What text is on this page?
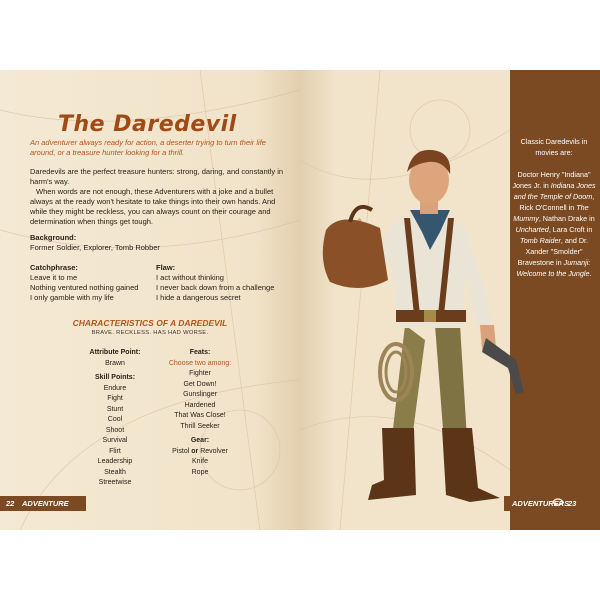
The Daredevil
An adventurer always ready for action, a deserter trying to turn their life around, or a treasure hunter looking for a thrill.

Daredevils are the perfect treasure hunters: strong, daring, and constantly in harm's way.

When words are not enough, these Adventurers with a joke and a bullet always at the ready won't hesitate to take things into their own hands. And while they might be reckless, you can always count on their courage and determination when things get tough.

Background:
Former Soldier, Explorer, Tomb Robber
Catchphrase:
Leave it to me
Nothing ventured nothing gained
I only gamble with my life
Flaw:
I act without thinking
I never back down from a challenge
I hide a dangerous secret
CHARACTERISTICS OF A DAREDEVIL
BRAVE. RECKLESS. HAS HAD WORSE.
Attribute Point:
Brawn
Skill Points:
Endure
Fight
Stunt
Cool
Shoot
Survival
Flirt
Leadership
Stealth
Streetwise
Feats:
Choose two among:
Fighter
Get Down!
Gunslinger
Hardened
That Was Close!
Thrill Seeker
Gear:
Pistol or Revolver
Knife
Rope
Classic Daredevils in movies are:

Doctor Henry "Indiana" Jones Jr. in Indiana Jones and the Temple of Doom, Rick O'Connell in The Mummy, Nathan Drake in Uncharted, Lara Croft in Tomb Raider, and Dr. Xander "Smolder" Bravestone in Jumanji: Welcome to the Jungle.
22 ADVENTURE	ADVENTURERS
23
